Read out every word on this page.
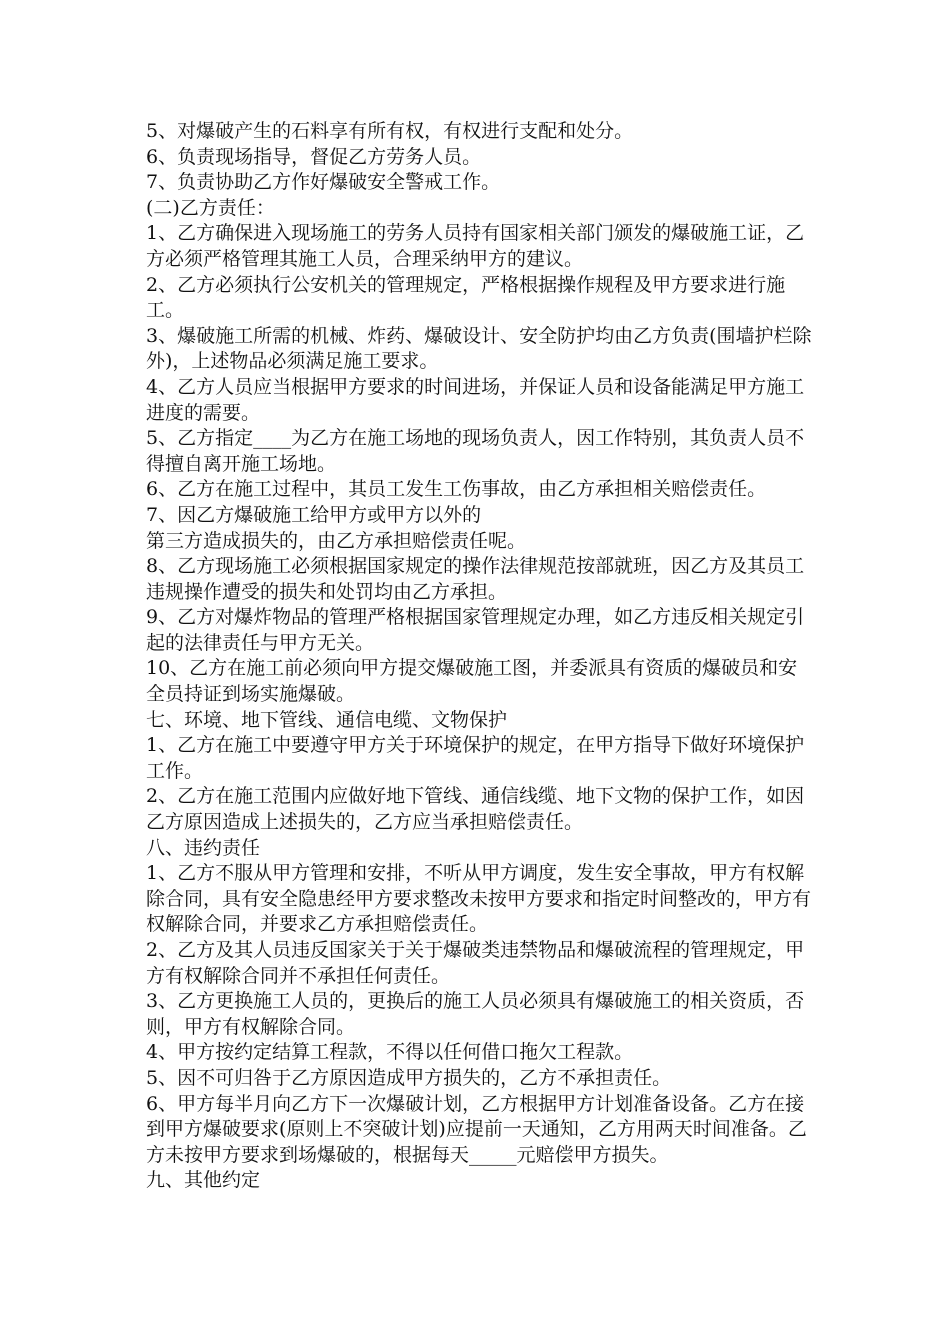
5、对爆破产生的石料享有所有权，有权进行支配和处分。

6、负责现场指导，督促乙方劳务人员。

7、负责协助乙方作好爆破安全警戒工作。

(二)乙方责任：

1、乙方确保进入现场施工的劳务人员持有国家相关部门颁发的爆破施工证，乙方必须严格管理其施工人员，合理采纳甲方的建议。

2、乙方必须执行公安机关的管理规定，严格根据操作规程及甲方要求进行施工。

3、爆破施工所需的机械、炸药、爆破设计、安全防护均由乙方负责(围墙护栏除外)，上述物品必须满足施工要求。

4、乙方人员应当根据甲方要求的时间进场，并保证人员和设备能满足甲方施工进度的需要。

5、乙方指定____为乙方在施工场地的现场负责人，因工作特别，其负责人员不得擅自离开施工场地。

6、乙方在施工过程中，其员工发生工伤事故，由乙方承担相关赔偿责任。

7、因乙方爆破施工给甲方或甲方以外的

第三方造成损失的，由乙方承担赔偿责任呢。

8、乙方现场施工必须根据国家规定的操作法律规范按部就班，因乙方及其员工违规操作遭受的损失和处罚均由乙方承担。

9、乙方对爆炸物品的管理严格根据国家管理规定办理，如乙方违反相关规定引起的法律责任与甲方无关。

10、乙方在施工前必须向甲方提交爆破施工图，并委派具有资质的爆破员和安全员持证到场实施爆破。

七、环境、地下管线、通信电缆、文物保护

1、乙方在施工中要遵守甲方关于环境保护的规定，在甲方指导下做好环境保护工作。

2、乙方在施工范围内应做好地下管线、通信线缆、地下文物的保护工作，如因乙方原因造成上述损失的，乙方应当承担赔偿责任。

八、违约责任

1、乙方不服从甲方管理和安排，不听从甲方调度，发生安全事故，甲方有权解除合同，具有安全隐患经甲方要求整改未按甲方要求和指定时间整改的，甲方有权解除合同，并要求乙方承担赔偿责任。

2、乙方及其人员违反国家关于关于爆破类违禁物品和爆破流程的管理规定，甲方有权解除合同并不承担任何责任。

3、乙方更换施工人员的，更换后的施工人员必须具有爆破施工的相关资质，否则，甲方有权解除合同。

4、甲方按约定结算工程款，不得以任何借口拖欠工程款。

5、因不可归咎于乙方原因造成甲方损失的，乙方不承担责任。

6、甲方每半月向乙方下一次爆破计划，乙方根据甲方计划准备设备。乙方在接到甲方爆破要求(原则上不突破计划)应提前一天通知，乙方用两天时间准备。乙方未按甲方要求到场爆破的，根据每天_____元赔偿甲方损失。

九、其他约定
